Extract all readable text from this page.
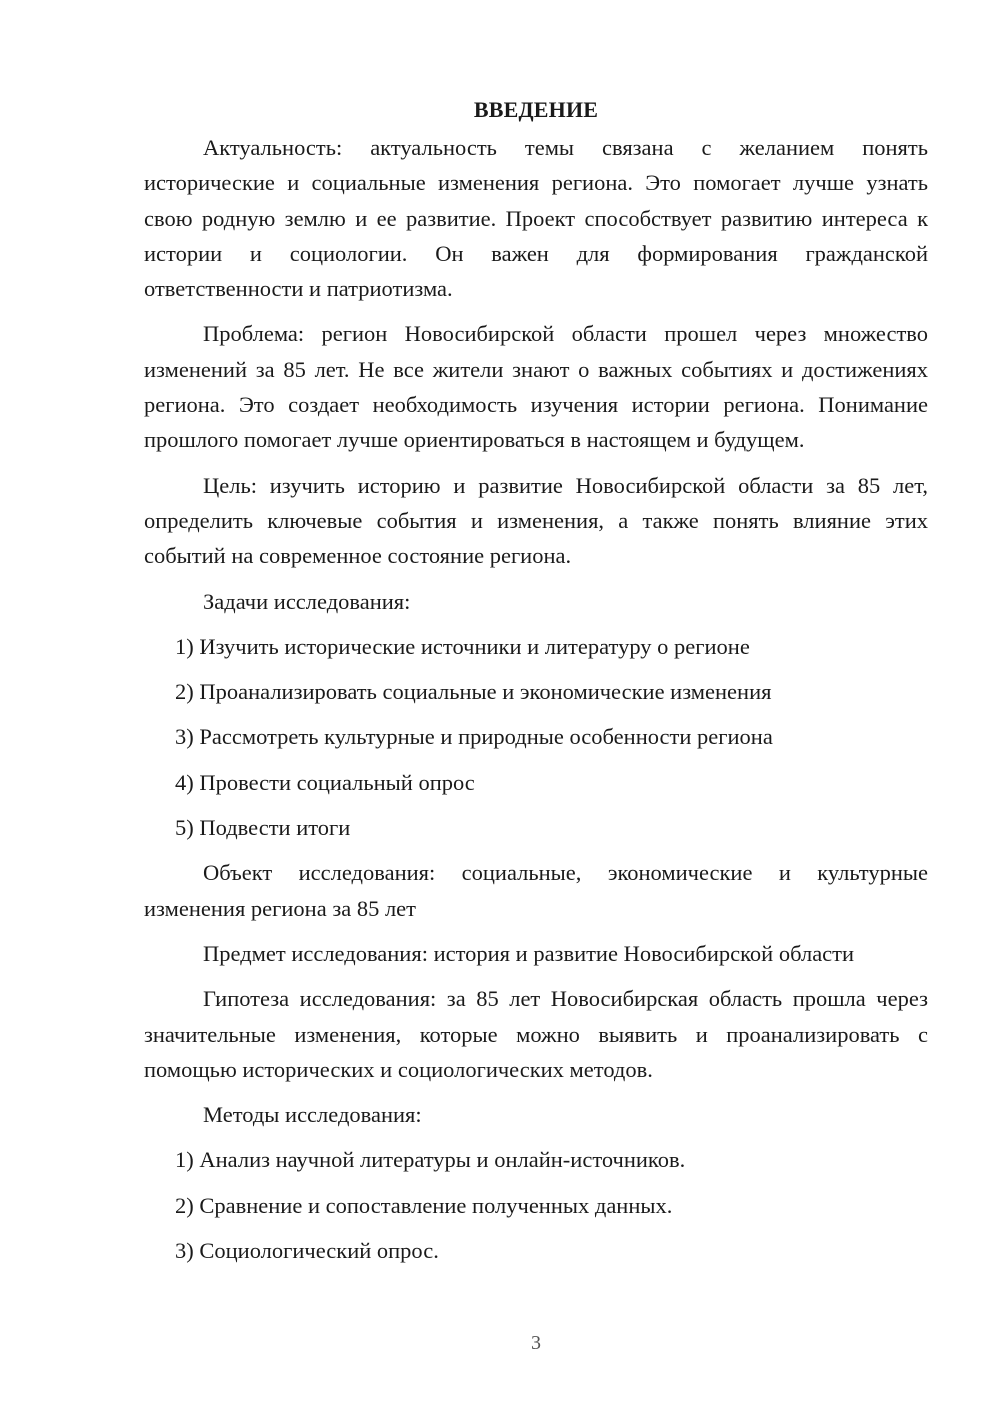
ВВЕДЕНИЕ

Актуальность: актуальность темы связана с желанием понять исторические и социальные изменения региона. Это помогает лучше узнать свою родную землю и ее развитие. Проект способствует развитию интереса к истории и социологии. Он важен для формирования гражданской ответственности и патриотизма.

Проблема: регион Новосибирской области прошел через множество изменений за 85 лет. Не все жители знают о важных событиях и достижениях региона. Это создает необходимость изучения истории региона. Понимание прошлого помогает лучше ориентироваться в настоящем и будущем.

Цель: изучить историю и развитие Новосибирской области за 85 лет, определить ключевые события и изменения, а также понять влияние этих событий на современное состояние региона.

Задачи исследования:

1) Изучить исторические источники и литературу о регионе

2) Проанализировать социальные и экономические изменения

3) Рассмотреть культурные и природные особенности региона

4) Провести социальный опрос

5) Подвести итоги

Объект исследования: социальные, экономические и культурные изменения региона за 85 лет

Предмет исследования: история и развитие Новосибирской области

Гипотеза исследования: за 85 лет Новосибирская область прошла через значительные изменения, которые можно выявить и проанализировать с помощью исторических и социологических методов.

Методы исследования:

1) Анализ научной литературы и онлайн-источников.

2) Сравнение и сопоставление полученных данных.

3) Социологический опрос.

3
